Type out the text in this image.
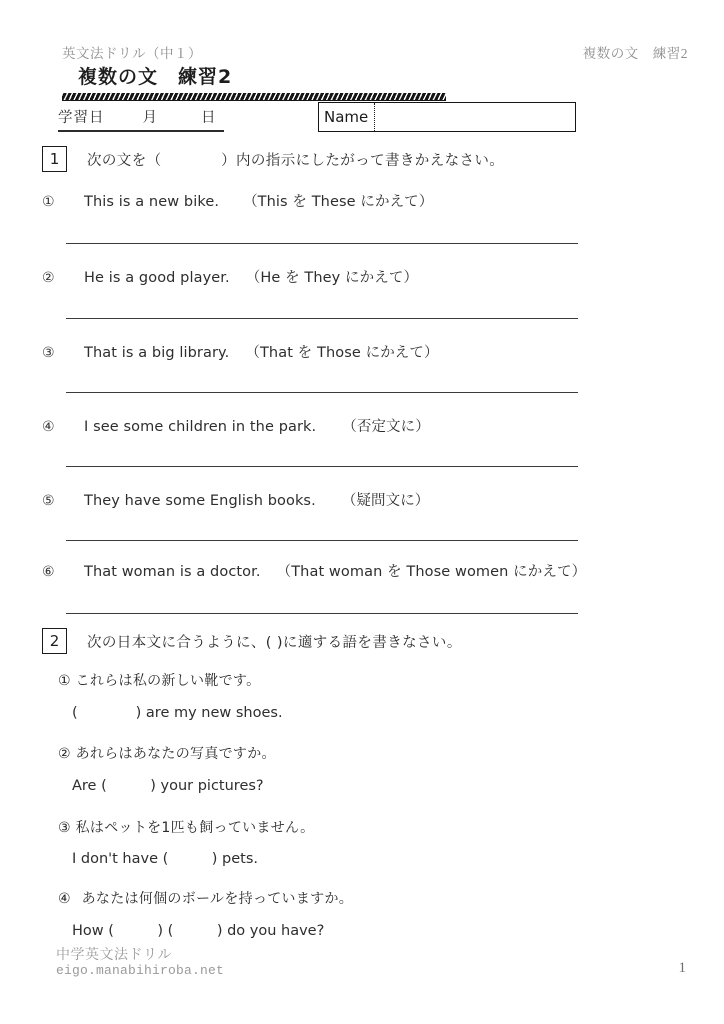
英文法ドリル（中１）	複数の文　練習2
複数の文　練習2
学習日	月	日	Name
1	次の文を（　　　　）内の指示にしたがって書きかえなさい。
①	This is a new bike. （This を These にかえて）
②	He is a good player. （He を They にかえて）
③	That is a big library. （That を Those にかえて）
④	I see some children in the park. （否定文に）
⑤	They have some English books. （疑問文に）
⑥	That woman is a doctor. （That woman を Those women にかえて）
2	次の日本文に合うように、( )に適する語を書きなさい。
① これらは私の新しい靴です。
(　　　　) are my new shoes.
② あれらはあなたの写真ですか。
Are (　　　) your pictures?
③ 私はペットを1匹も飼っていません。
I don't have (　　　) pets.
④ あなたは何個のボールを持っていますか。
How (　　　) (　　　) do you have?
中学英文法ドリル
eigo.manabihiroba.net	1
